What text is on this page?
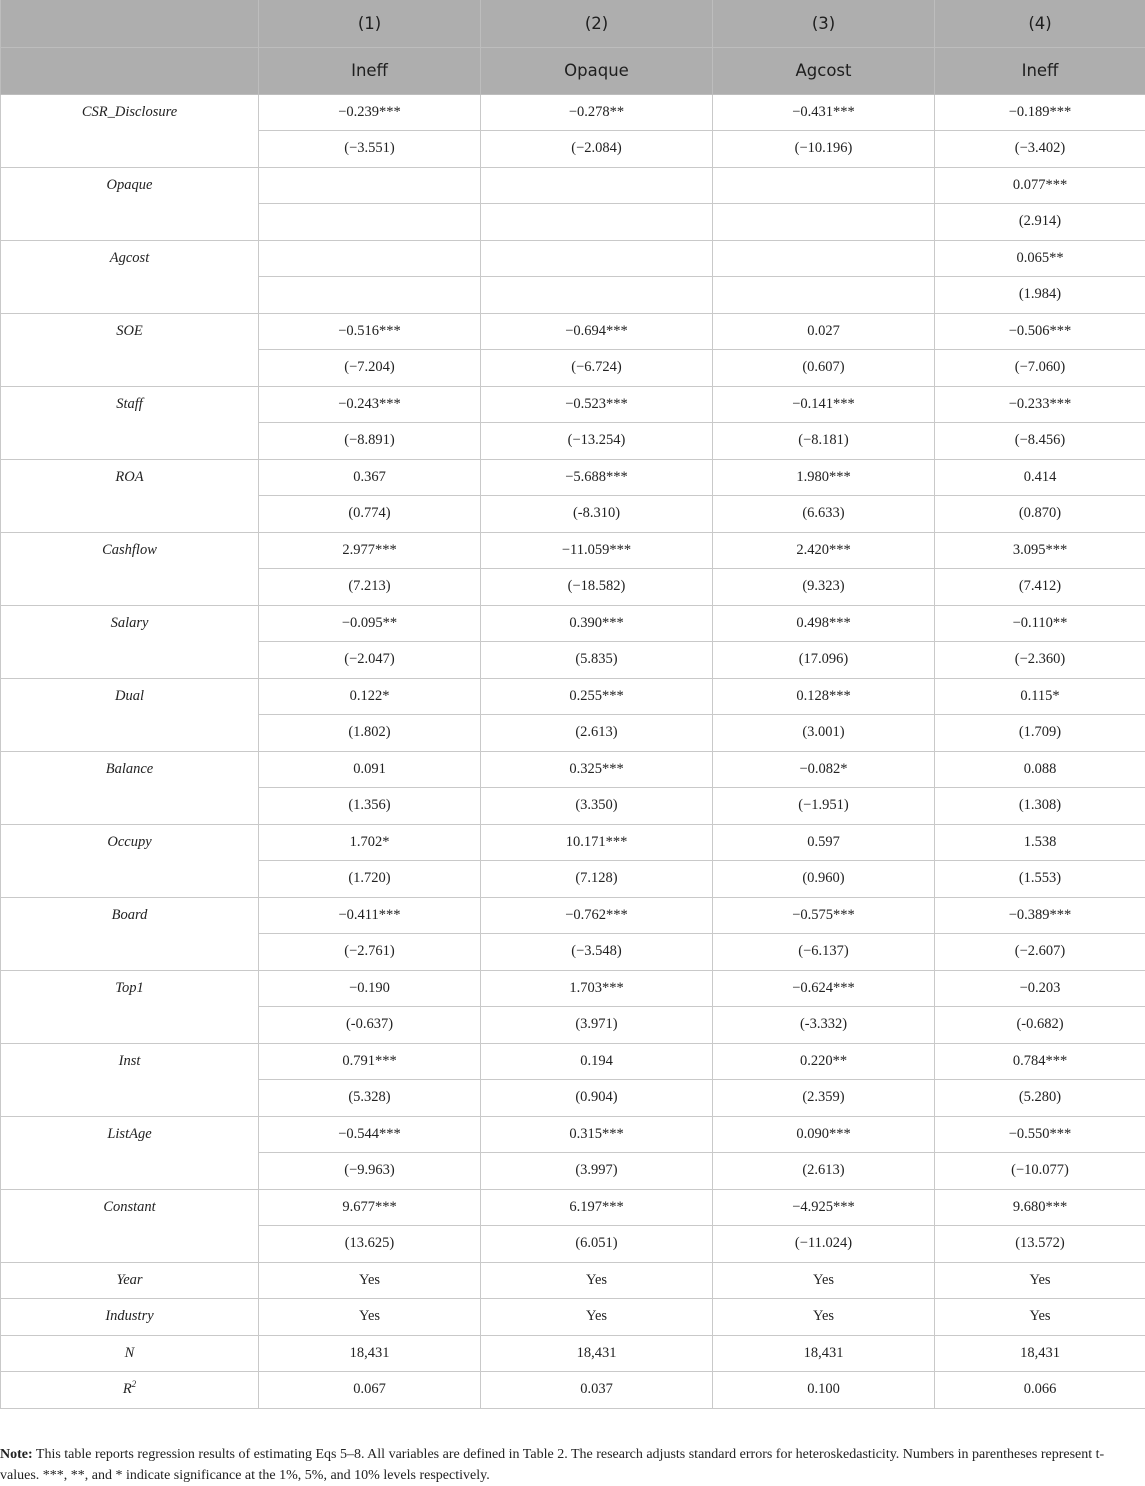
	(1)	(2)	(3)	(4)
	Ineff	Opaque	Agcost	Ineff
CSR_Disclosure	−0.239***	−0.278**	−0.431***	−0.189***
	(−3.551)	(−2.084)	(−10.196)	(−3.402)
Opaque				0.077***
				(2.914)
Agcost				0.065**
				(1.984)
SOE	−0.516***	−0.694***	0.027	−0.506***
	(−7.204)	(−6.724)	(0.607)	(−7.060)
Staff	−0.243***	−0.523***	−0.141***	−0.233***
	(−8.891)	(−13.254)	(−8.181)	(−8.456)
ROA	0.367	−5.688***	1.980***	0.414
	(0.774)	(-8.310)	(6.633)	(0.870)
Cashflow	2.977***	−11.059***	2.420***	3.095***
	(7.213)	(−18.582)	(9.323)	(7.412)
Salary	−0.095**	0.390***	0.498***	−0.110**
	(−2.047)	(5.835)	(17.096)	(−2.360)
Dual	0.122*	0.255***	0.128***	0.115*
	(1.802)	(2.613)	(3.001)	(1.709)
Balance	0.091	0.325***	−0.082*	0.088
	(1.356)	(3.350)	(−1.951)	(1.308)
Occupy	1.702*	10.171***	0.597	1.538
	(1.720)	(7.128)	(0.960)	(1.553)
Board	−0.411***	−0.762***	−0.575***	−0.389***
	(−2.761)	(−3.548)	(−6.137)	(−2.607)
Top1	−0.190	1.703***	−0.624***	−0.203
	(-0.637)	(3.971)	(-3.332)	(-0.682)
Inst	0.791***	0.194	0.220**	0.784***
	(5.328)	(0.904)	(2.359)	(5.280)
ListAge	−0.544***	0.315***	0.090***	−0.550***
	(−9.963)	(3.997)	(2.613)	(−10.077)
Constant	9.677***	6.197***	−4.925***	9.680***
	(13.625)	(6.051)	(−11.024)	(13.572)
Year	Yes	Yes	Yes	Yes
Industry	Yes	Yes	Yes	Yes
N	18,431	18,431	18,431	18,431
$R^2$	0.067	0.037	0.100	0.066
Note: This table reports regression results of estimating Eqs 5–8. All variables are defined in Table 2. The research adjusts standard errors for heteroskedasticity. Numbers in parentheses represent t-values. ***, **, and * indicate significance at the 1%, 5%, and 10% levels respectively.
